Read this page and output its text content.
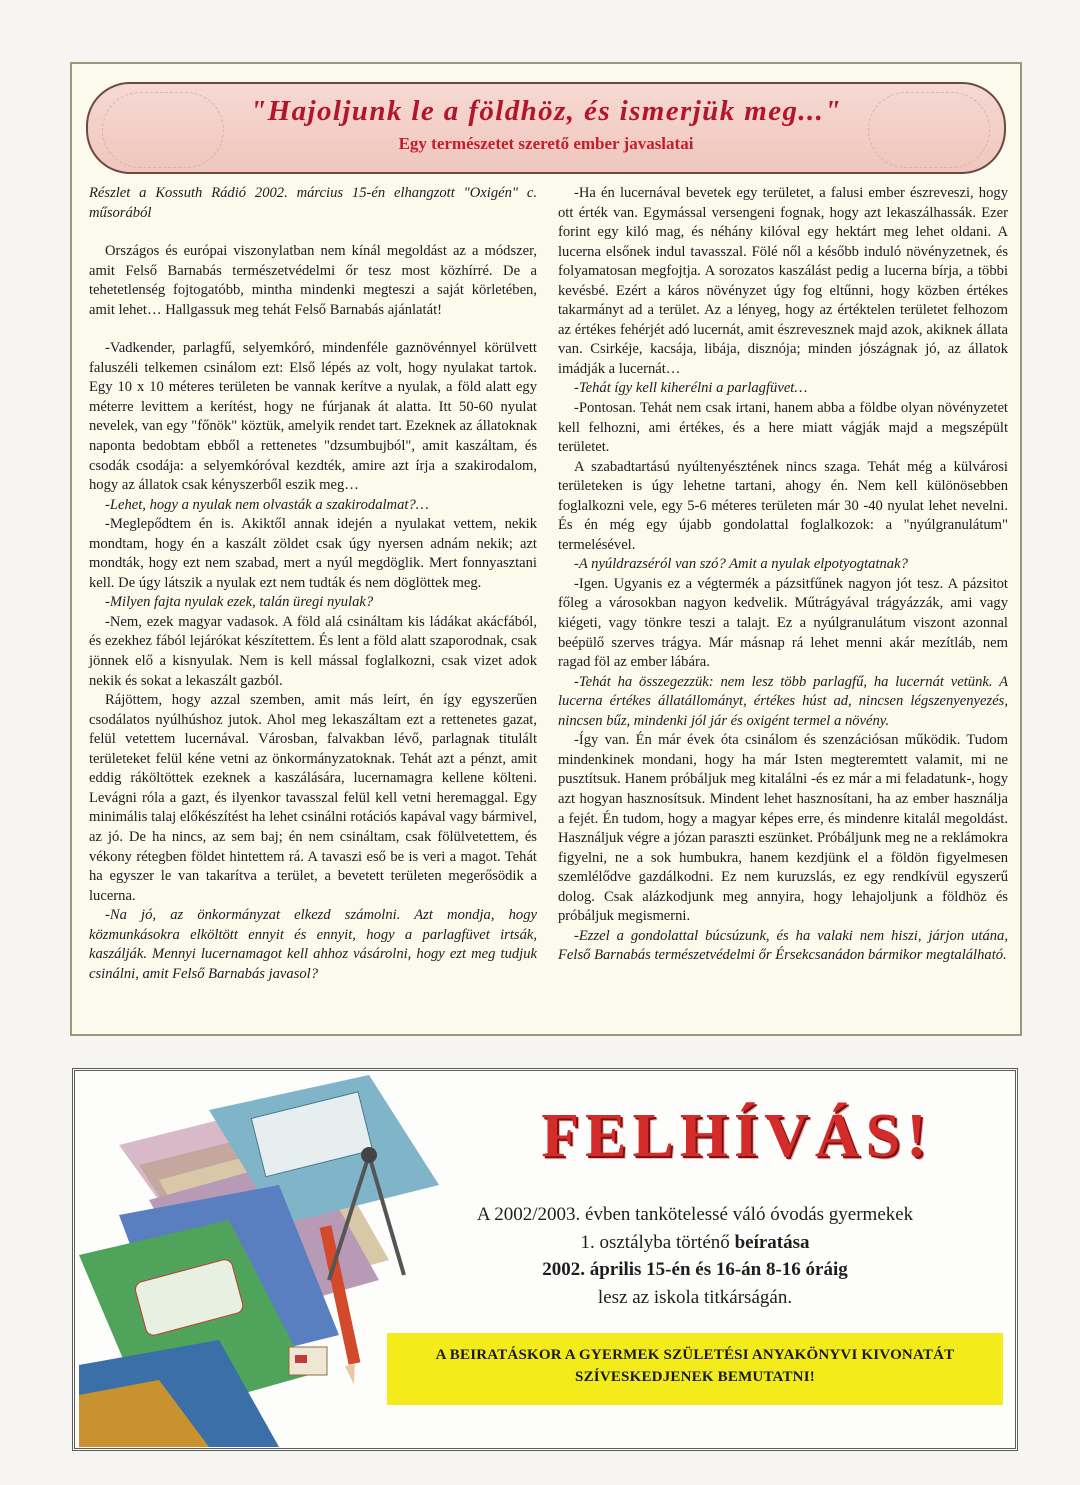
"Hajoljunk le a földhöz, és ismerjük meg..."
Egy természetet szerető ember javaslatai

Részlet a Kossuth Rádió 2002. március 15-én elhangzott "Oxigén" c. műsorából

Országos és európai viszonylatban nem kínál megoldást az a módszer, amit Felső Barnabás természetvédelmi őr tesz most közhírré. De a tehetetlenség fojtogatóbb, mintha mindenki megteszi a saját körletében, amit lehet… Hallgassuk meg tehát Felső Barnabás ajánlatát!

-Vadkender, parlagfű, selyemkóró, mindenféle gaznövénnyel körülvett faluszéli telkemen csinálom ezt: Első lépés az volt, hogy nyulakat tartok. Egy 10 x 10 méteres területen be vannak kerítve a nyulak, a föld alatt egy méterre levittem a kerítést, hogy ne fúrjanak át alatta. Itt 50-60 nyulat nevelek, van egy "főnök" köztük, amelyik rendet tart. Ezeknek az állatoknak naponta bedobtam ebből a rettenetes "dzsumbujból", amit kaszáltam, és csodák csodája: a selyemkóróval kezdték, amire azt írja a szakirodalom, hogy az állatok csak kényszerből eszik meg…

-Lehet, hogy a nyulak nem olvasták a szakirodalmat?…

-Meglepődtem én is. Akiktől annak idején a nyulakat vettem, nekik mondtam, hogy én a kaszált zöldet csak úgy nyersen adnám nekik; azt mondták, hogy ezt nem szabad, mert a nyúl megdöglik. Mert fonnyasztani kell. De úgy látszik a nyulak ezt nem tudták és nem döglöttek meg.

-Milyen fajta nyulak ezek, talán üregi nyulak?

-Nem, ezek magyar vadasok. A föld alá csináltam kis ládákat akácfából, és ezekhez fából lejárókat készítettem. És lent a föld alatt szaporodnak, csak jönnek elő a kisnyulak. Nem is kell mással foglalkozni, csak vizet adok nekik és sokat a lekaszált gazból.

Rájöttem, hogy azzal szemben, amit más leírt, én így egyszerűen csodálatos nyúlhúshoz jutok. Ahol meg lekaszáltam ezt a rettenetes gazat, felül vetettem lucernával. Városban, falvakban lévő, parlagnak titulált területeket felül kéne vetni az önkormányzatoknak. Tehát azt a pénzt, amit eddig ráköltöttek ezeknek a kaszálására, lucernamagra kellene költeni. Levágni róla a gazt, és ilyenkor tavasszal felül kell vetni heremaggal. Egy minimális talaj előkészítést ha lehet csinálni rotációs kapával vagy bármivel, az jó. De ha nincs, az sem baj; én nem csináltam, csak fölülvetettem, és vékony rétegben földet hintettem rá. A tavaszi eső be is veri a magot. Tehát ha egyszer le van takarítva a terület, a bevetett területen megerősödik a lucerna.

-Na jó, az önkormányzat elkezd számolni. Azt mondja, hogy közmunkásokra elköltött ennyit és ennyit, hogy a parlagfüvet irtsák, kaszálják. Mennyi lucernamagot kell ahhoz vásárolni, hogy ezt meg tudjuk csinálni, amit Felső Barnabás javasol?

-Ha én lucernával bevetek egy területet, a falusi ember észreveszi, hogy ott érték van. Egymással versengeni fognak, hogy azt lekaszálhassák. Ezer forint egy kiló mag, és néhány kilóval egy hektárt meg lehet oldani. A lucerna elsőnek indul tavasszal. Fölé nől a később induló növényzetnek, és folyamatosan megfojtja. A sorozatos kaszálást pedig a lucerna bírja, a többi kevésbé. Ezért a káros növényzet úgy fog eltűnni, hogy közben értékes takarmányt ad a terület. Az a lényeg, hogy az értéktelen területet felhozom az értékes fehérjét adó lucernát, amit észrevesznek majd azok, akiknek állata van. Csirkéje, kacsája, libája, disznója; minden jószágnak jó, az állatok imádják a lucernát…

-Tehát így kell kiherélni a parlagfüvet…

-Pontosan. Tehát nem csak irtani, hanem abba a földbe olyan növényzetet kell felhozni, ami értékes, és a here miatt vágják majd a megszépült területet.

A szabadtartású nyúltenyésztének nincs szaga. Tehát még a külvárosi területeken is úgy lehetne tartani, ahogy én. Nem kell különösebben foglalkozni vele, egy 5-6 méteres területen már 30 -40 nyulat lehet nevelni. És én még egy újabb gondolattal foglalkozok: a "nyúlgranulátum" termelésével.

-A nyúldrazséról van szó? Amit a nyulak elpotyogtatnak?

-Igen. Ugyanis ez a végtermék a pázsitfűnek nagyon jót tesz. A pázsitot főleg a városokban nagyon kedvelik. Műtrágyával trágyázzák, ami vagy kiégeti, vagy tönkre teszi a talajt. Ez a nyúlgranulátum viszont azonnal beépülő szerves trágya. Már másnap rá lehet menni akár mezítláb, nem ragad föl az ember lábára.

-Tehát ha összegezzük: nem lesz több parlagfű, ha lucernát vetünk. A lucerna értékes állatállományt, értékes húst ad, nincsen légszenyenyezés, nincsen bűz, mindenki jól jár és oxigént termel a növény.

-Így van. Én már évek óta csinálom és szenzációsan működik. Tudom mindenkinek mondani, hogy ha már Isten megteremtett valamit, mi ne pusztítsuk. Hanem próbáljuk meg kitalálni -és ez már a mi feladatunk-, hogy azt hogyan hasznosítsuk. Mindent lehet hasznosítani, ha az ember használja a fejét. Én tudom, hogy a magyar képes erre, és mindenre kitalál megoldást. Használjuk végre a józan paraszti eszünket. Próbáljunk meg ne a reklámokra figyelni, ne a sok humbukra, hanem kezdjünk el a földön figyelmesen szemlélődve gazdálkodni. Ez nem kuruzslás, ez egy rendkívül egyszerű dolog. Csak alázkodjunk meg annyira, hogy lehajoljunk a földhöz és próbáljuk megismerni.

-Ezzel a gondolattal búcsúzunk, és ha valaki nem hiszi, járjon utána, Felső Barnabás természetvédelmi őr Érsekcsanádon bármikor megtalálható.

FELHÍVÁS!
A 2002/2003. évben tankötelessé váló óvodás gyermekek
1. osztályba történő beíratása
2002. április 15-én és 16-án 8-16 óráig
lesz az iskola titkárságán.
A BEIRATÁSKOR A GYERMEK SZÜLETÉSI ANYAKÖNYVI KIVONATÁT
SZÍVESKEDJENEK BEMUTATNI!
